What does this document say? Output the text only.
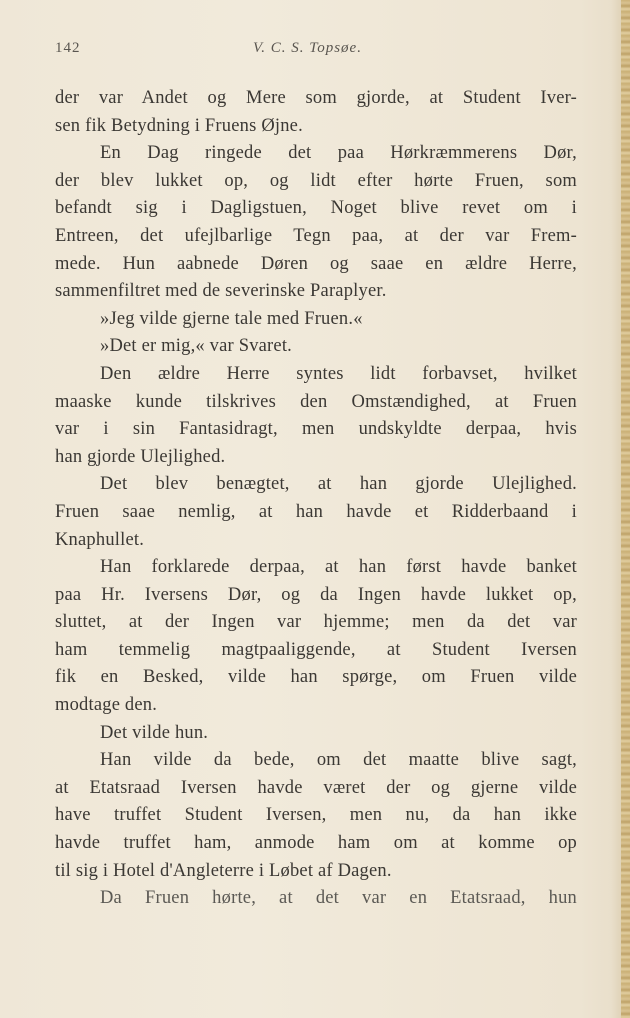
142	V. C. S. Topsøe.
der var Andet og Mere som gjorde, at Student Iver-
sen fik Betydning i Fruens Øjne.
En Dag ringede det paa Hørkræmmerens Dør,
der blev lukket op, og lidt efter hørte Fruen, som
befandt sig i Dagligstuen, Noget blive revet om i
Entreen, det ufejlbarlige Tegn paa, at der var Frem-
mede. Hun aabnede Døren og saae en ældre Herre,
sammenfiltret med de severinske Paraplyer.
»Jeg vilde gjerne tale med Fruen.«
»Det er mig,« var Svaret.
Den ældre Herre syntes lidt forbavset, hvilket
maaske kunde tilskrives den Omstændighed, at Fruen
var i sin Fantasidragt, men undskyldte derpaa, hvis
han gjorde Ulejlighed.
Det blev benægtet, at han gjorde Ulejlighed.
Fruen saae nemlig, at han havde et Ridderbaand i
Knaphullet.
Han forklarede derpaa, at han først havde banket
paa Hr. Iversens Dør, og da Ingen havde lukket op,
sluttet, at der Ingen var hjemme; men da det var
ham temmelig magtpaaliggende, at Student Iversen
fik en Besked, vilde han spørge, om Fruen vilde
modtage den.
Det vilde hun.
Han vilde da bede, om det maatte blive sagt,
at Etatsraad Iversen havde været der og gjerne vilde
have truffet Student Iversen, men nu, da han ikke
havde truffet ham, anmode ham om at komme op
til sig i Hotel d'Angleterre i Løbet af Dagen.
Da Fruen hørte, at det var en Etatsraad, hun
